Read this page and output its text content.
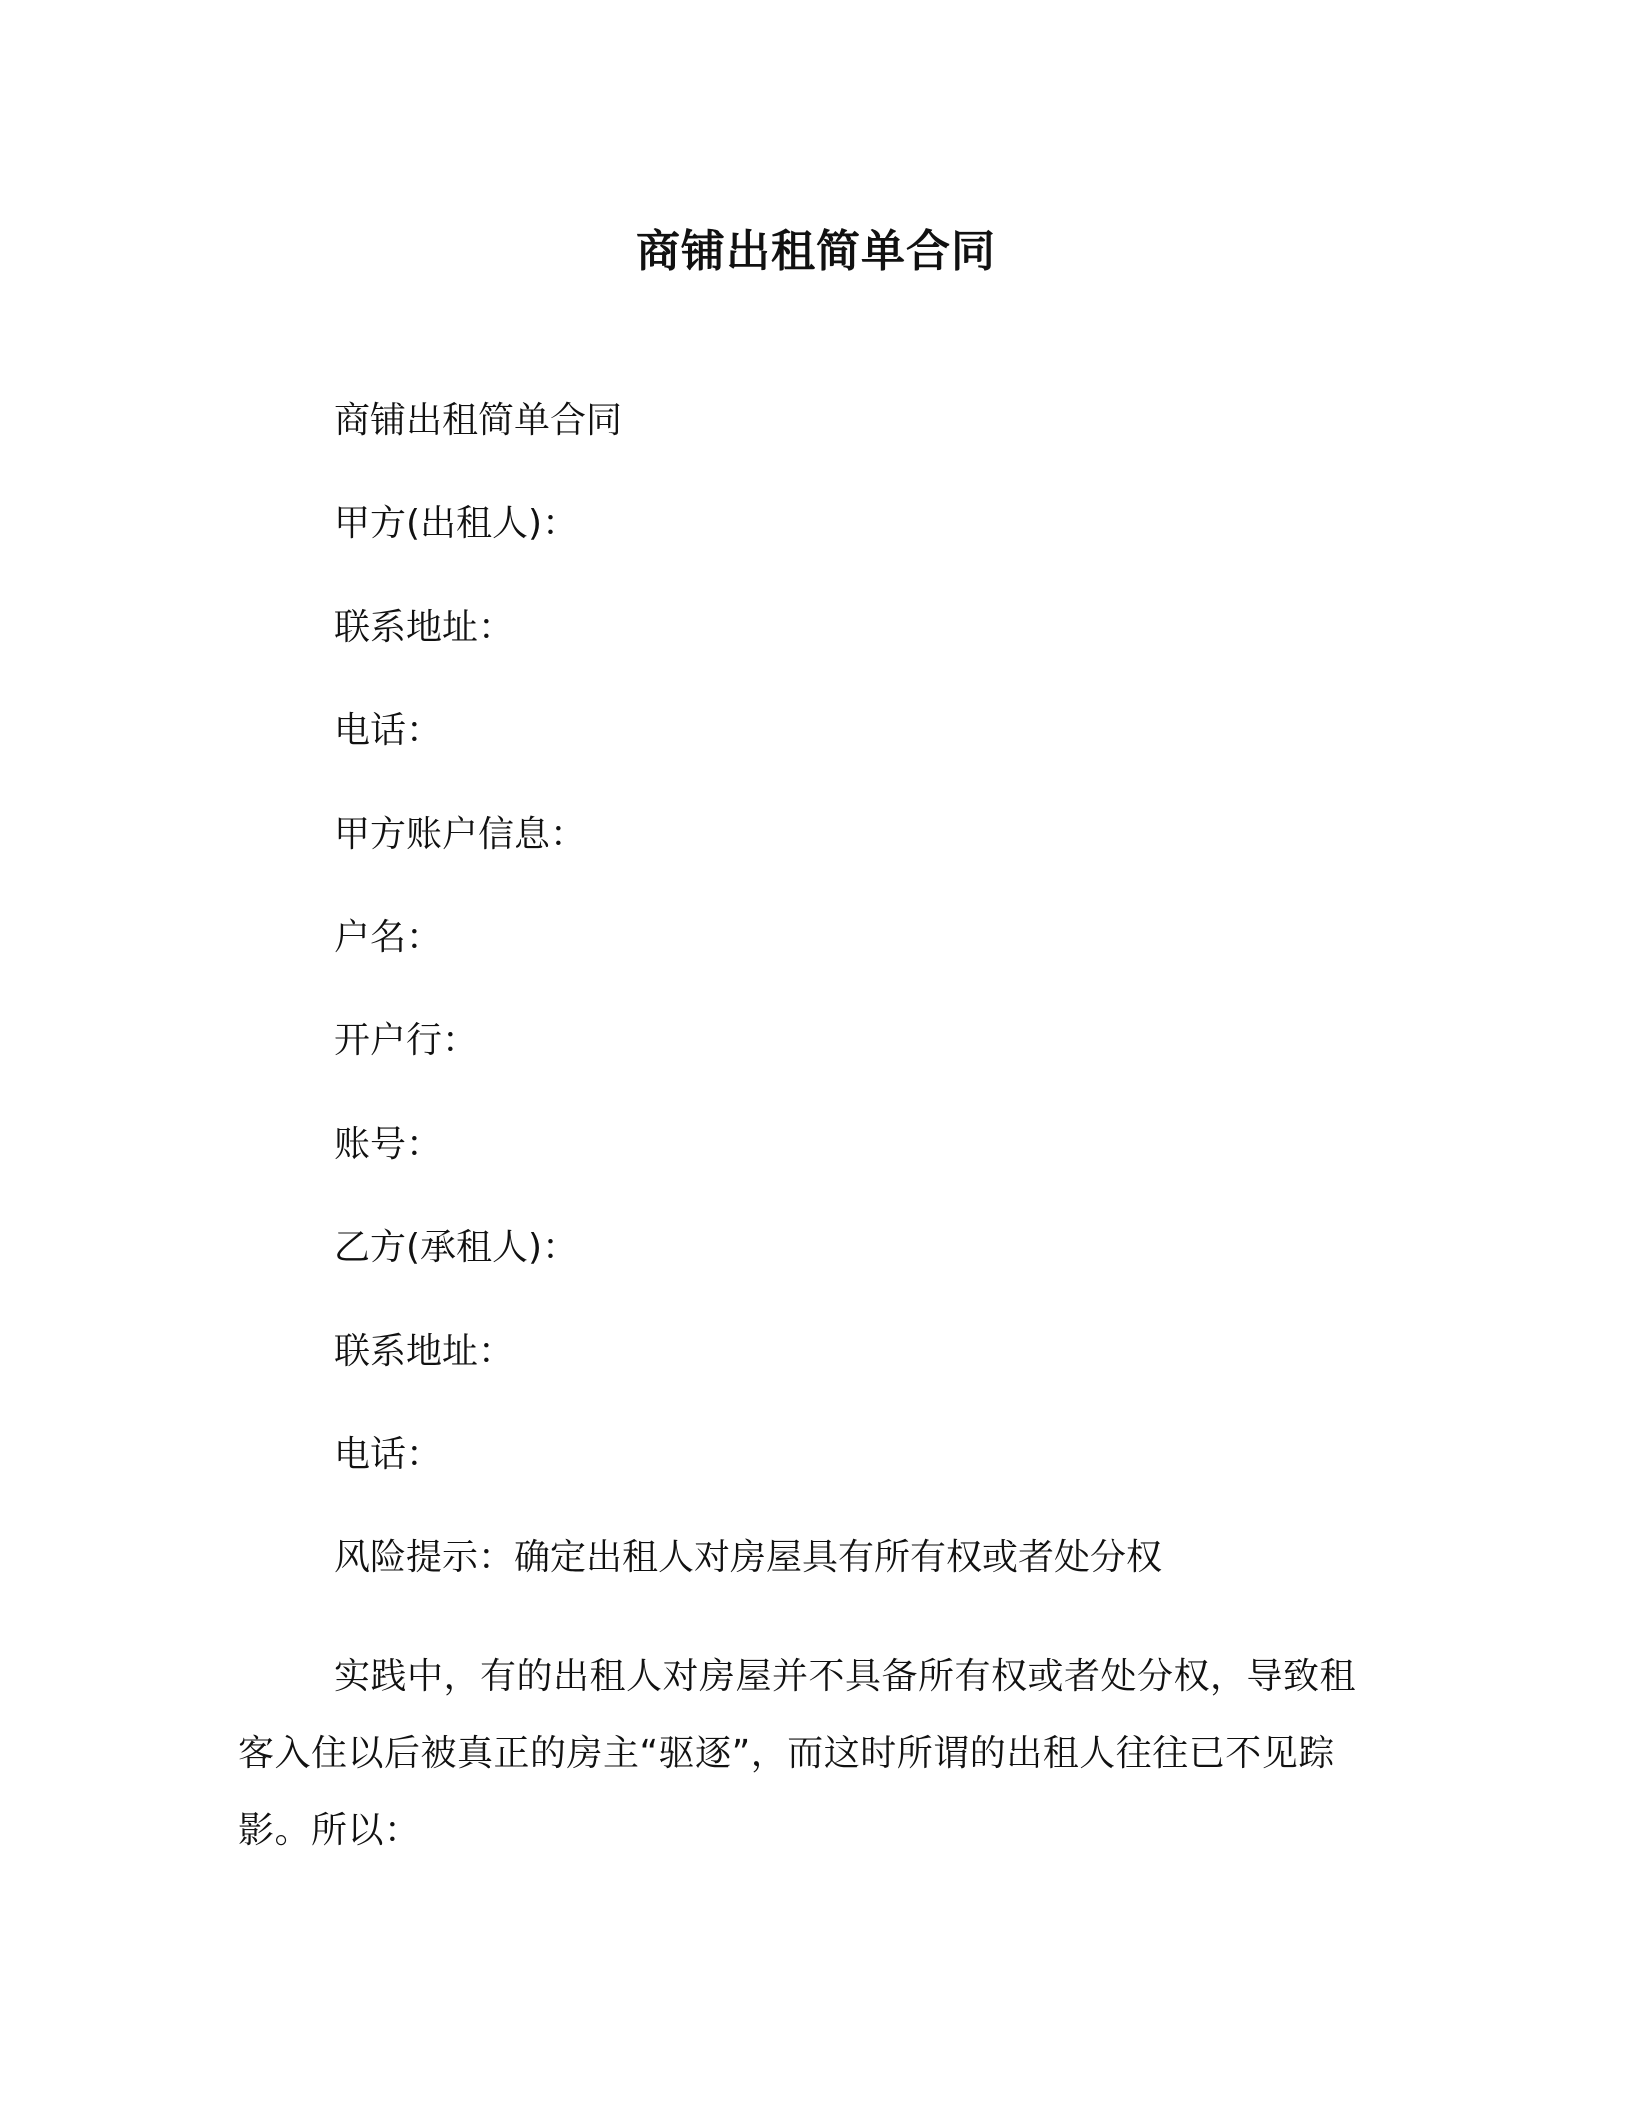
商铺出租简单合同
商铺出租简单合同
甲方(出租人)：
联系地址：
电话：
甲方账户信息：
户名：
开户行：
账号：
乙方(承租人)：
联系地址：
电话：
风险提示：确定出租人对房屋具有所有权或者处分权
实践中，有的出租人对房屋并不具备所有权或者处分权，导致租客入住以后被真正的房主“驱逐”，而这时所谓的出租人往往已不见踪影。所以：
